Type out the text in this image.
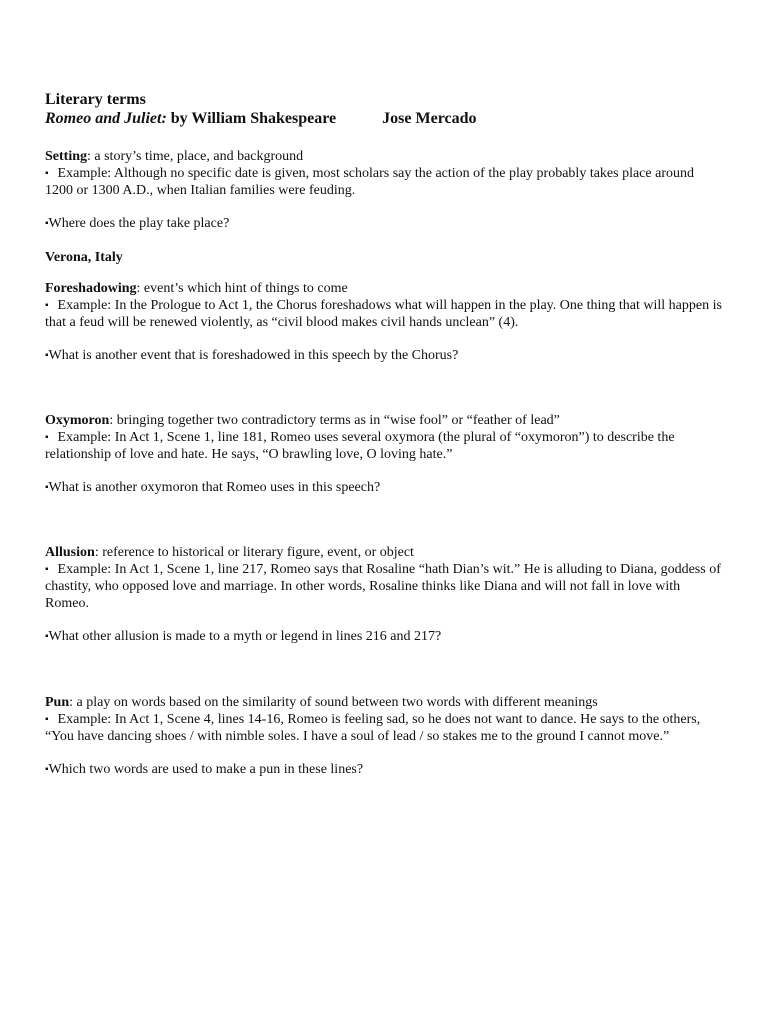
Literary terms
Romeo and Juliet: by William Shakespeare	Jose Mercado

Setting: a story’s time, place, and background

▪ Example: Although no specific date is given, most scholars say the action of the play probably takes place around 1200 or 1300 A.D., when Italian families were feuding.

▪Where does the play take place?

Verona, Italy

Foreshadowing: event’s which hint of things to come

▪ Example: In the Prologue to Act 1, the Chorus foreshadows what will happen in the play. One thing that will happen is that a feud will be renewed violently, as “civil blood makes civil hands unclean” (4).

▪What is another event that is foreshadowed in this speech by the Chorus?

Oxymoron: bringing together two contradictory terms as in “wise fool” or “feather of lead”

▪ Example: In Act 1, Scene 1, line 181, Romeo uses several oxymora (the plural of “oxymoron”) to describe the relationship of love and hate. He says, “O brawling love, O loving hate.”

▪What is another oxymoron that Romeo uses in this speech?

Allusion: reference to historical or literary figure, event, or object

▪ Example: In Act 1, Scene 1, line 217, Romeo says that Rosaline “hath Dian’s wit.” He is alluding to Diana, goddess of chastity, who opposed love and marriage. In other words, Rosaline thinks like Diana and will not fall in love with Romeo.

▪What other allusion is made to a myth or legend in lines 216 and 217?

Pun: a play on words based on the similarity of sound between two words with different meanings

▪ Example: In Act 1, Scene 4, lines 14-16, Romeo is feeling sad, so he does not want to dance. He says to the others, “You have dancing shoes / with nimble soles. I have a soul of lead / so stakes me to the ground I cannot move.”

▪Which two words are used to make a pun in these lines?
